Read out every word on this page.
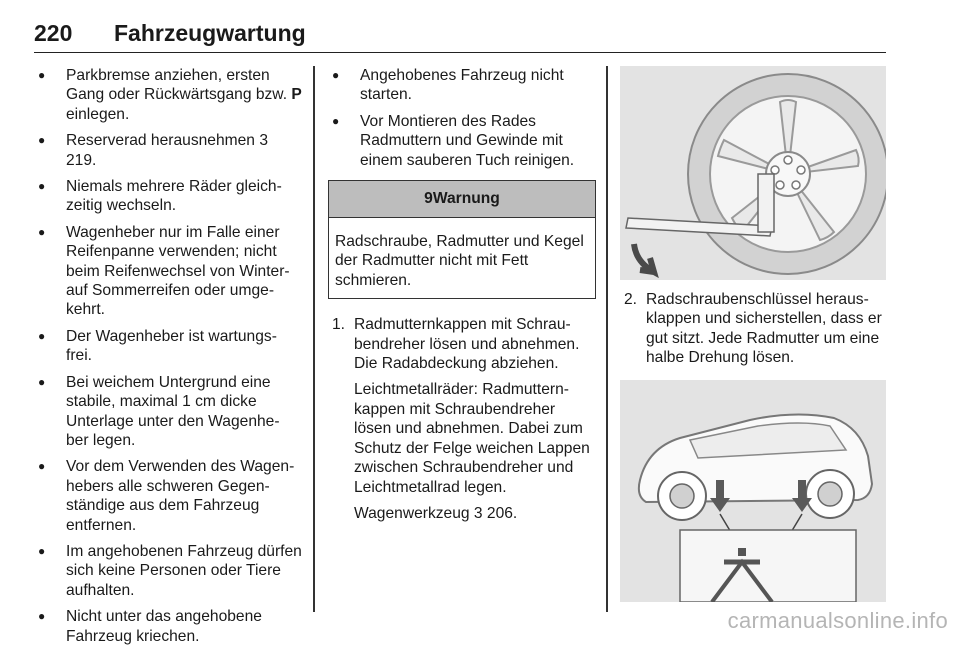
220 Fahrzeugwartung
● Parkbremse anziehen, ersten Gang oder Rückwärtsgang bzw. P einlegen.
● Reserverad herausnehmen 3 219.
● Niemals mehrere Räder gleich-zeitig wechseln.
● Wagenheber nur im Falle einer Reifenpanne verwenden; nicht beim Reifenwechsel von Winter- auf Sommerreifen oder umge-kehrt.
● Der Wagenheber ist wartungs-frei.
● Bei weichem Untergrund eine stabile, maximal 1 cm dicke Unterlage unter den Wagenhe-ber legen.
● Vor dem Verwenden des Wagen-hebers alle schweren Gegen-ständige aus dem Fahrzeug entfernen.
● Im angehobenen Fahrzeug dürfen sich keine Personen oder Tiere aufhalten.
● Nicht unter das angehobene Fahrzeug kriechen.
● Angehobenes Fahrzeug nicht starten.
● Vor Montieren des Rades Radmuttern und Gewinde mit einem sauberen Tuch reinigen.
9Warnung
Radschraube, Radmutter und Kegel der Radmutter nicht mit Fett schmieren.
1. Radmutternkappen mit Schrau-bendreher lösen und abnehmen. Die Radabdeckung abziehen.

Leichtmetallräder: Radmuttern-kappen mit Schraubendreher lösen und abnehmen. Dabei zum Schutz der Felge weichen Lappen zwischen Schraubendreher und Leichtmetallrad legen.

Wagenwerkzeug 3 206.

2. Radschraubenschlüssel heraus-klappen und sicherstellen, dass er gut sitzt. Jede Radmutter um eine halbe Drehung lösen.
carmanualsonline.info
